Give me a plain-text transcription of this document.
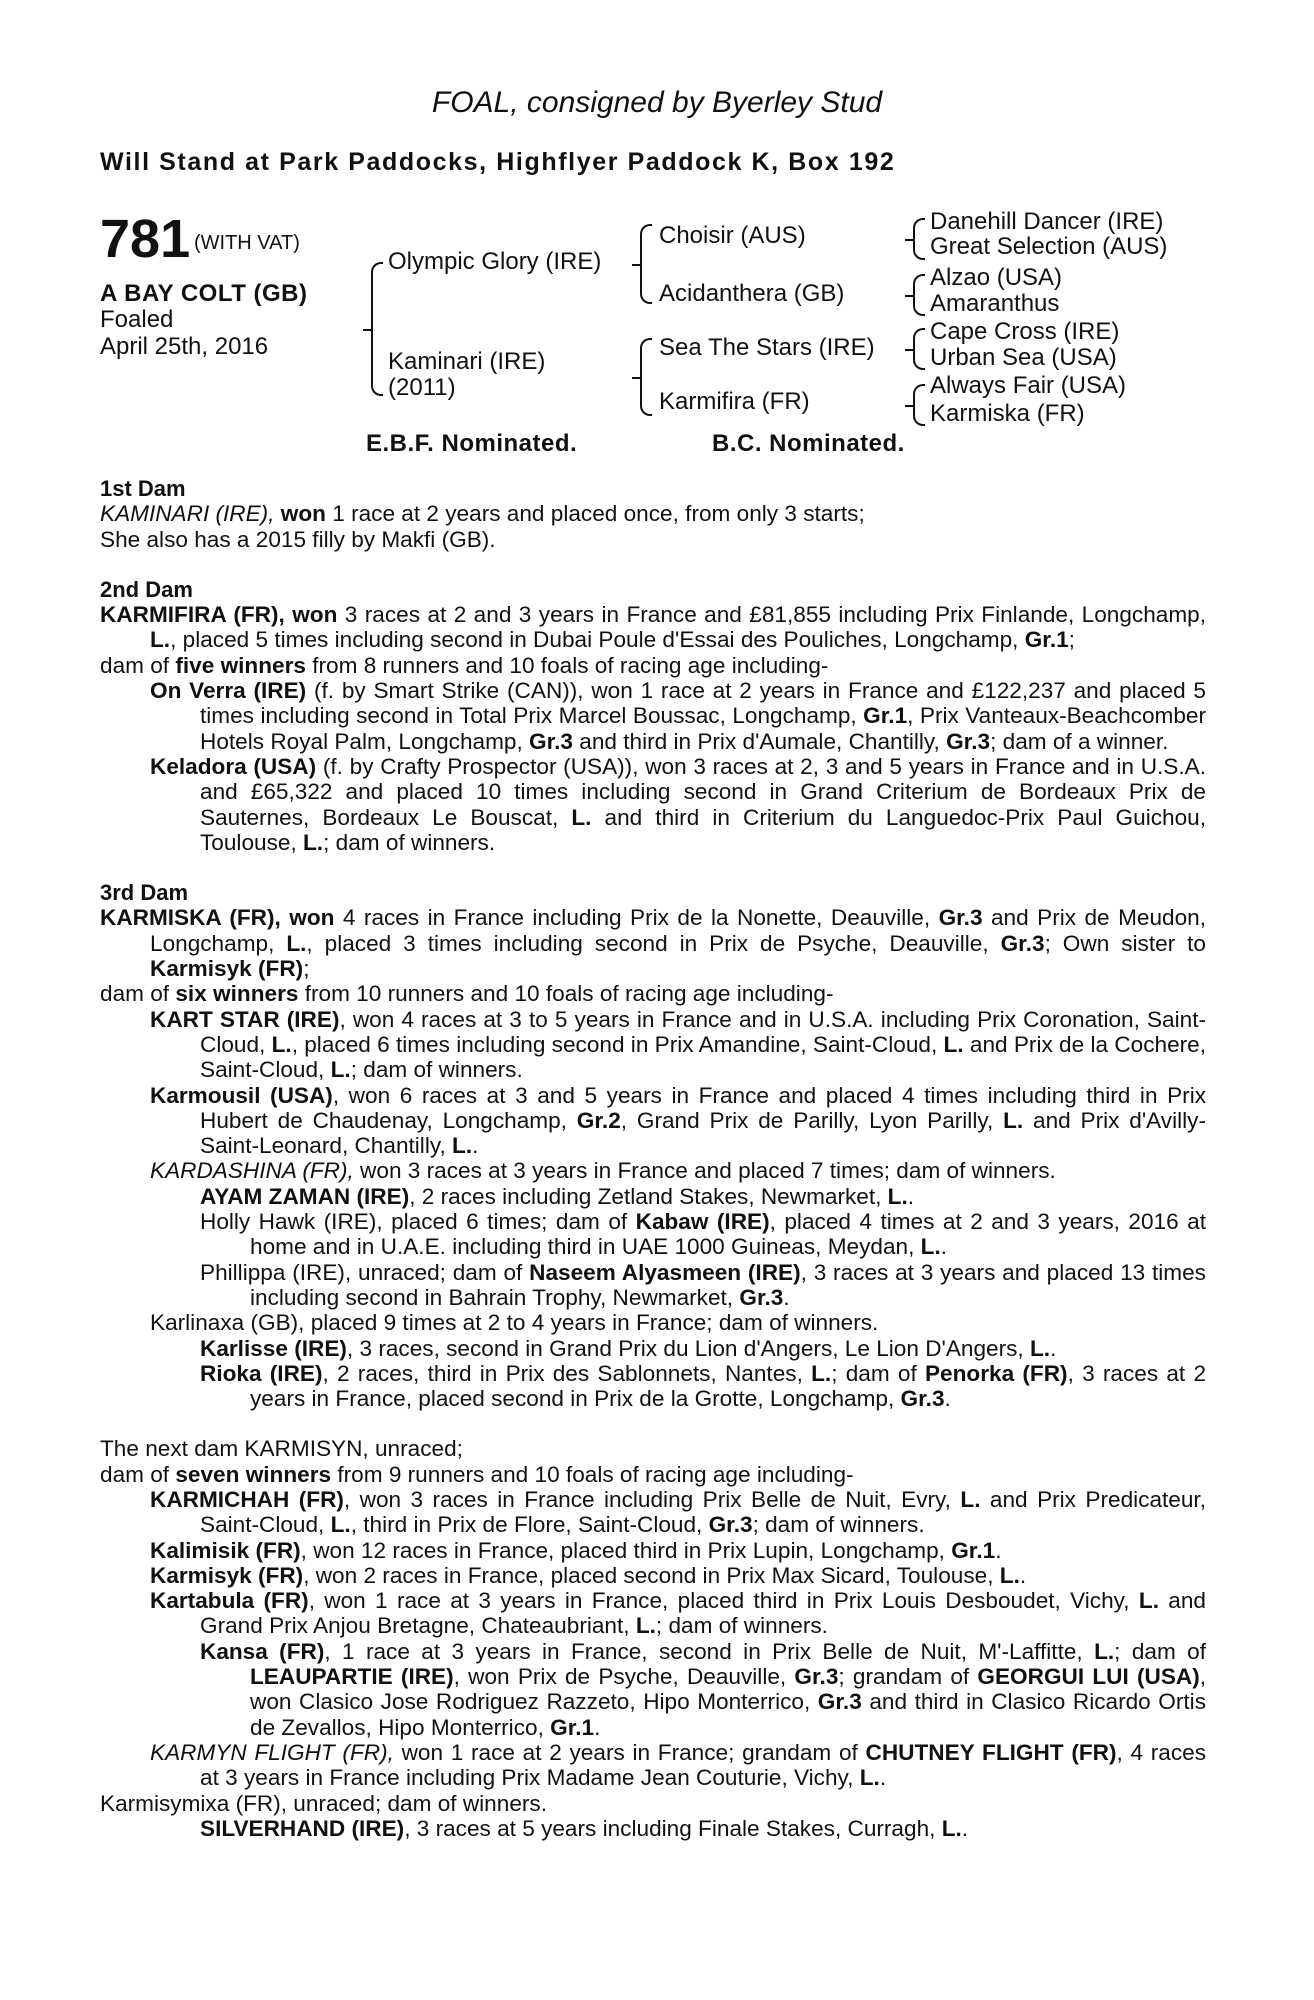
FOAL, consigned by Byerley Stud
Will Stand at Park Paddocks, Highflyer Paddock K, Box 192
781 (WITH VAT)
A BAY COLT (GB)
Foaled
April 25th, 2016
Olympic Glory (IRE)
Kaminari (IRE)
(2011)
Choisir (AUS)
Acidanthera (GB)
Sea The Stars (IRE)
Karmifira (FR)
Danehill Dancer (IRE)
Great Selection (AUS)
Alzao (USA)
Amaranthus
Cape Cross (IRE)
Urban Sea (USA)
Always Fair (USA)
Karmiska (FR)
E.B.F. Nominated.	B.C. Nominated.

1st Dam

KAMINARI (IRE), won 1 race at 2 years and placed once, from only 3 starts;

She also has a 2015 filly by Makfi (GB).

2nd Dam

KARMIFIRA (FR), won 3 races at 2 and 3 years in France and £81,855 including Prix Finlande, Longchamp, L., placed 5 times including second in Dubai Poule d'Essai des Pouliches, Longchamp, Gr.1;

dam of five winners from 8 runners and 10 foals of racing age including-

On Verra (IRE) (f. by Smart Strike (CAN)), won 1 race at 2 years in France and £122,237 and placed 5 times including second in Total Prix Marcel Boussac, Longchamp, Gr.1, Prix Vanteaux-Beachcomber Hotels Royal Palm, Longchamp, Gr.3 and third in Prix d'Aumale, Chantilly, Gr.3; dam of a winner.

Keladora (USA) (f. by Crafty Prospector (USA)), won 3 races at 2, 3 and 5 years in France and in U.S.A. and £65,322 and placed 10 times including second in Grand Criterium de Bordeaux Prix de Sauternes, Bordeaux Le Bouscat, L. and third in Criterium du Languedoc-Prix Paul Guichou, Toulouse, L.; dam of winners.

3rd Dam

KARMISKA (FR), won 4 races in France including Prix de la Nonette, Deauville, Gr.3 and Prix de Meudon, Longchamp, L., placed 3 times including second in Prix de Psyche, Deauville, Gr.3; Own sister to Karmisyk (FR);

dam of six winners from 10 runners and 10 foals of racing age including-

KART STAR (IRE), won 4 races at 3 to 5 years in France and in U.S.A. including Prix Coronation, Saint-Cloud, L., placed 6 times including second in Prix Amandine, Saint-Cloud, L. and Prix de la Cochere, Saint-Cloud, L.; dam of winners.

Karmousil (USA), won 6 races at 3 and 5 years in France and placed 4 times including third in Prix Hubert de Chaudenay, Longchamp, Gr.2, Grand Prix de Parilly, Lyon Parilly, L. and Prix d'Avilly-Saint-Leonard, Chantilly, L..

KARDASHINA (FR), won 3 races at 3 years in France and placed 7 times; dam of winners.

AYAM ZAMAN (IRE), 2 races including Zetland Stakes, Newmarket, L..

Holly Hawk (IRE), placed 6 times; dam of Kabaw (IRE), placed 4 times at 2 and 3 years, 2016 at home and in U.A.E. including third in UAE 1000 Guineas, Meydan, L..

Phillippa (IRE), unraced; dam of Naseem Alyasmeen (IRE), 3 races at 3 years and placed 13 times including second in Bahrain Trophy, Newmarket, Gr.3.

Karlinaxa (GB), placed 9 times at 2 to 4 years in France; dam of winners.

Karlisse (IRE), 3 races, second in Grand Prix du Lion d'Angers, Le Lion D'Angers, L..

Rioka (IRE), 2 races, third in Prix des Sablonnets, Nantes, L.; dam of Penorka (FR), 3 races at 2 years in France, placed second in Prix de la Grotte, Longchamp, Gr.3.

The next dam KARMISYN, unraced;

dam of seven winners from 9 runners and 10 foals of racing age including-

KARMICHAH (FR), won 3 races in France including Prix Belle de Nuit, Evry, L. and Prix Predicateur, Saint-Cloud, L., third in Prix de Flore, Saint-Cloud, Gr.3; dam of winners.

Kalimisik (FR), won 12 races in France, placed third in Prix Lupin, Longchamp, Gr.1.

Karmisyk (FR), won 2 races in France, placed second in Prix Max Sicard, Toulouse, L..

Kartabula (FR), won 1 race at 3 years in France, placed third in Prix Louis Desboudet, Vichy, L. and Grand Prix Anjou Bretagne, Chateaubriant, L.; dam of winners.

Kansa (FR), 1 race at 3 years in France, second in Prix Belle de Nuit, M'-Laffitte, L.; dam of LEAUPARTIE (IRE), won Prix de Psyche, Deauville, Gr.3; grandam of GEORGUI LUI (USA), won Clasico Jose Rodriguez Razzeto, Hipo Monterrico, Gr.3 and third in Clasico Ricardo Ortis de Zevallos, Hipo Monterrico, Gr.1.

KARMYN FLIGHT (FR), won 1 race at 2 years in France; grandam of CHUTNEY FLIGHT (FR), 4 races at 3 years in France including Prix Madame Jean Couturie, Vichy, L..

Karmisymixa (FR), unraced; dam of winners.

SILVERHAND (IRE), 3 races at 5 years including Finale Stakes, Curragh, L..
